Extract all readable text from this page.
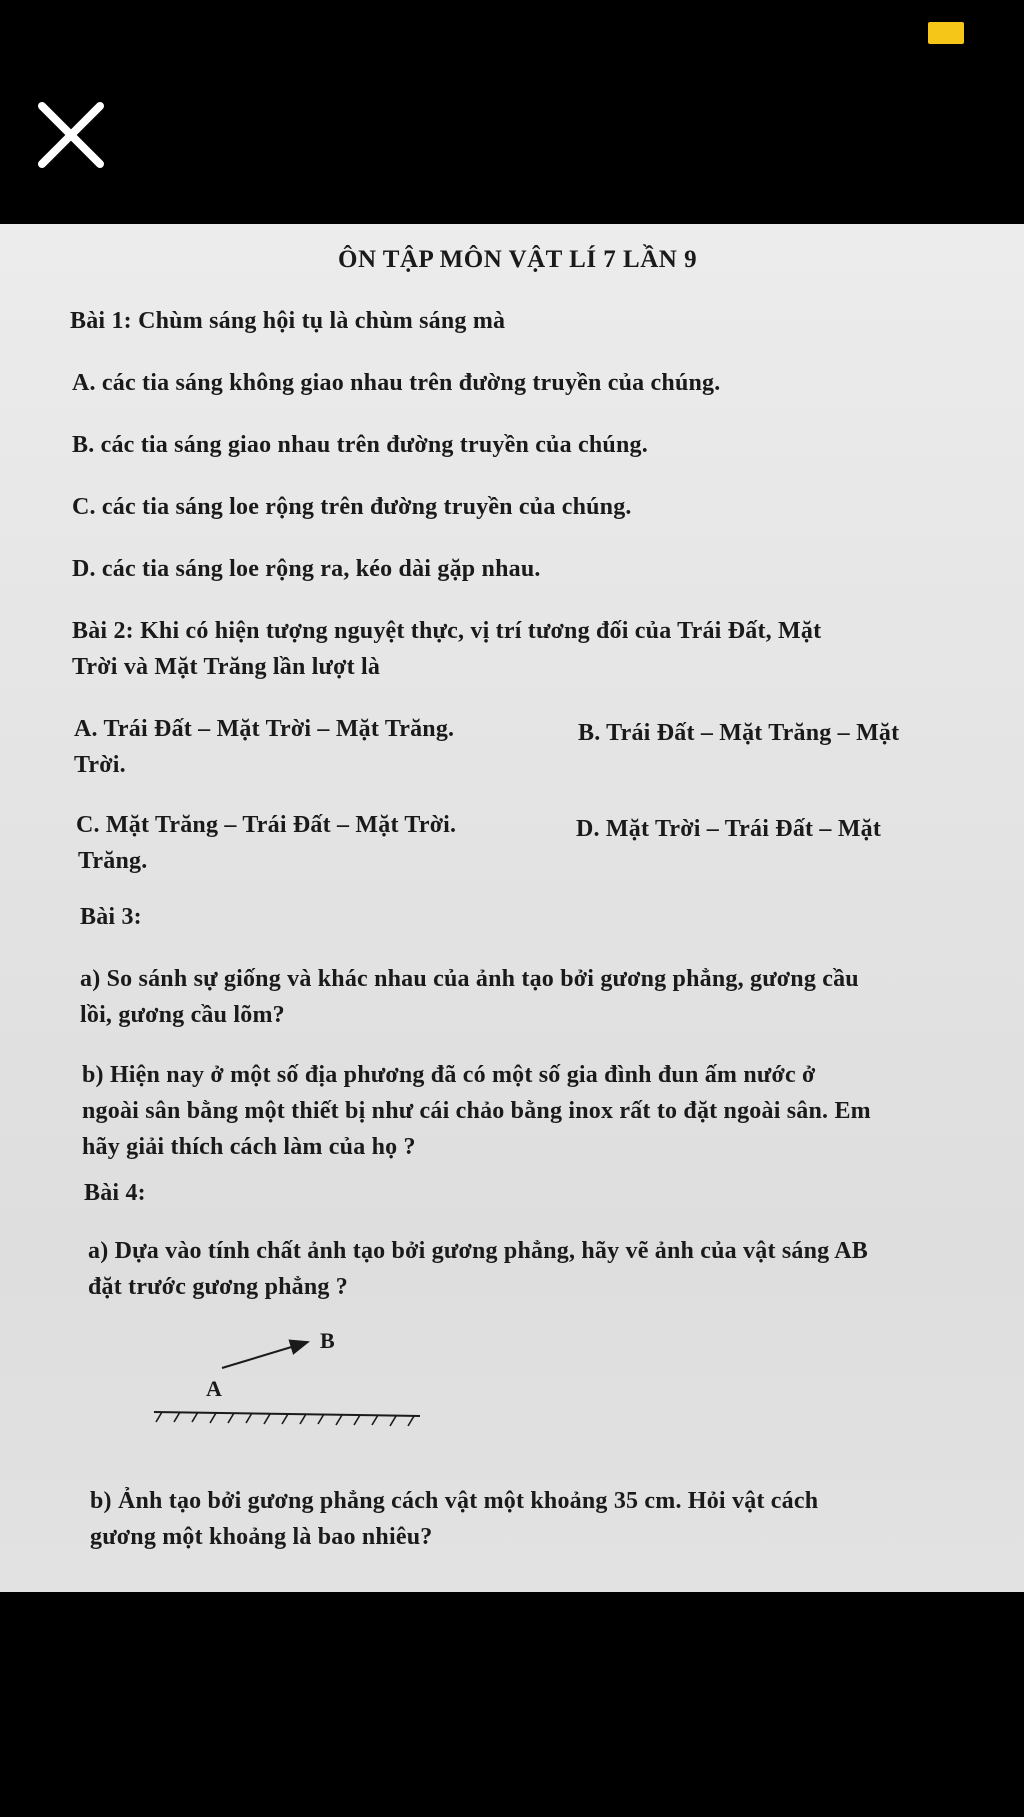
ÔN TẬP MÔN VẬT LÍ 7 LẦN 9
Bài 1: Chùm sáng hội tụ là chùm sáng mà
A. các tia sáng không giao nhau trên đường truyền của chúng.
B. các tia sáng giao nhau trên đường truyền của chúng.
C. các tia sáng loe rộng trên đường truyền của chúng.
D. các tia sáng loe rộng ra, kéo dài gặp nhau.
Bài 2: Khi có hiện tượng nguyệt thực, vị trí tương đối của Trái Đất, Mặt
Trời và Mặt Trăng lần lượt là
A. Trái Đất – Mặt Trời – Mặt Trăng.	B. Trái Đất – Mặt Trăng – Mặt
Trời.
C. Mặt Trăng – Trái Đất – Mặt Trời.	D. Mặt Trời – Trái Đất – Mặt
Trăng.
Bài 3:
a) So sánh sự giống và khác nhau của ảnh tạo bởi gương phẳng, gương cầu
lồi, gương cầu lõm?
b) Hiện nay ở một số địa phương đã có một số gia đình đun ấm nước ở
ngoài sân bằng một thiết bị như cái chảo bằng inox rất to đặt ngoài sân. Em
hãy giải thích cách làm của họ ?
Bài 4:
a) Dựa vào tính chất ảnh tạo bởi gương phẳng, hãy vẽ ảnh của vật sáng AB
đặt trước gương phẳng ?
B
A
b) Ảnh tạo bởi gương phẳng cách vật một khoảng 35 cm. Hỏi vật cách
gương một khoảng là bao nhiêu?
